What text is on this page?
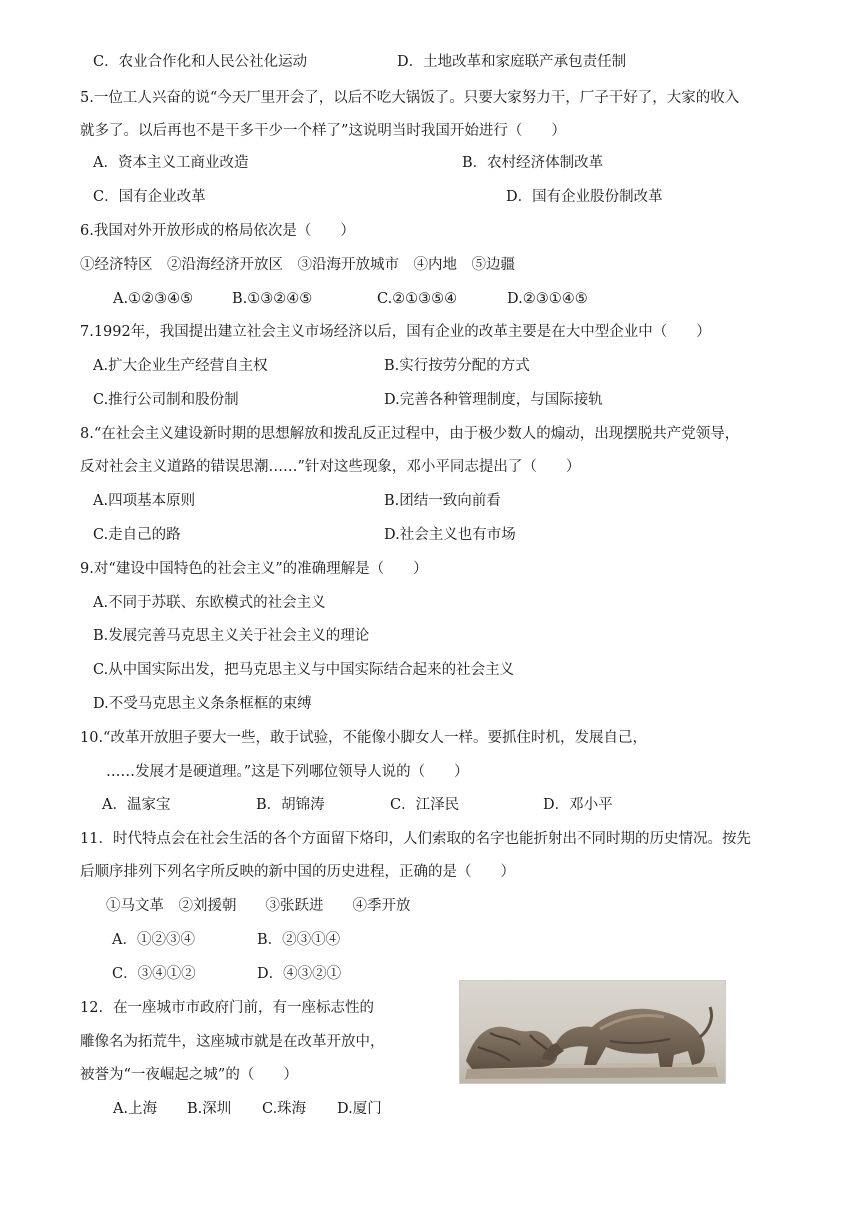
C．农业合作化和人民公社化运动	D．土地改革和家庭联产承包责任制
5.一位工人兴奋的说“今天厂里开会了，以后不吃大锅饭了。只要大家努力干，厂子干好了，大家的收入
就多了。以后再也不是干多干少一个样了”这说明当时我国开始进行（　　）
A．资本主义工商业改造	B．农村经济体制改革
C．国有企业改革	D．国有企业股份制改革
6.我国对外开放形成的格局依次是（　　）
①经济特区　②沿海经济开放区　③沿海开放城市　④内地　⑤边疆
A.①②③④⑤	B.①③②④⑤	C.②①③⑤④	D.②③①④⑤
7.1992年，我国提出建立社会主义市场经济以后，国有企业的改革主要是在大中型企业中（　　）
A.扩大企业生产经营自主权	B.实行按劳分配的方式
C.推行公司制和股份制	D.完善各种管理制度，与国际接轨
8.“在社会主义建设新时期的思想解放和拨乱反正过程中，由于极少数人的煽动，出现摆脱共产党领导，
反对社会主义道路的错误思潮……”针对这些现象，邓小平同志提出了（　　）
A.四项基本原则	B.团结一致向前看
C.走自己的路	D.社会主义也有市场
9.对“建设中国特色的社会主义”的准确理解是（　　）
A.不同于苏联、东欧模式的社会主义
B.发展完善马克思主义关于社会主义的理论
C.从中国实际出发，把马克思主义与中国实际结合起来的社会主义
D.不受马克思主义条条框框的束缚
10.“改革开放胆子要大一些，敢于试验，不能像小脚女人一样。要抓住时机，发展自己，
……发展才是硬道理。”这是下列哪位领导人说的（　　）
A．温家宝	B．胡锦涛	C．江泽民	D．邓小平
11．时代特点会在社会生活的各个方面留下烙印，人们索取的名字也能折射出不同时期的历史情况。按先
后顺序排列下列名字所反映的新中国的历史进程，正确的是（　　）
①马文革　②刘援朝　　③张跃进　　④季开放
A．①②③④	B．②③①④
C．③④①②	D．④③②①
12．在一座城市市政府门前，有一座标志性的
雕像名为拓荒牛，这座城市就是在改革开放中，
被誉为“一夜崛起之城”的（　　）
A.上海 B.深圳 C.珠海 D.厦门
